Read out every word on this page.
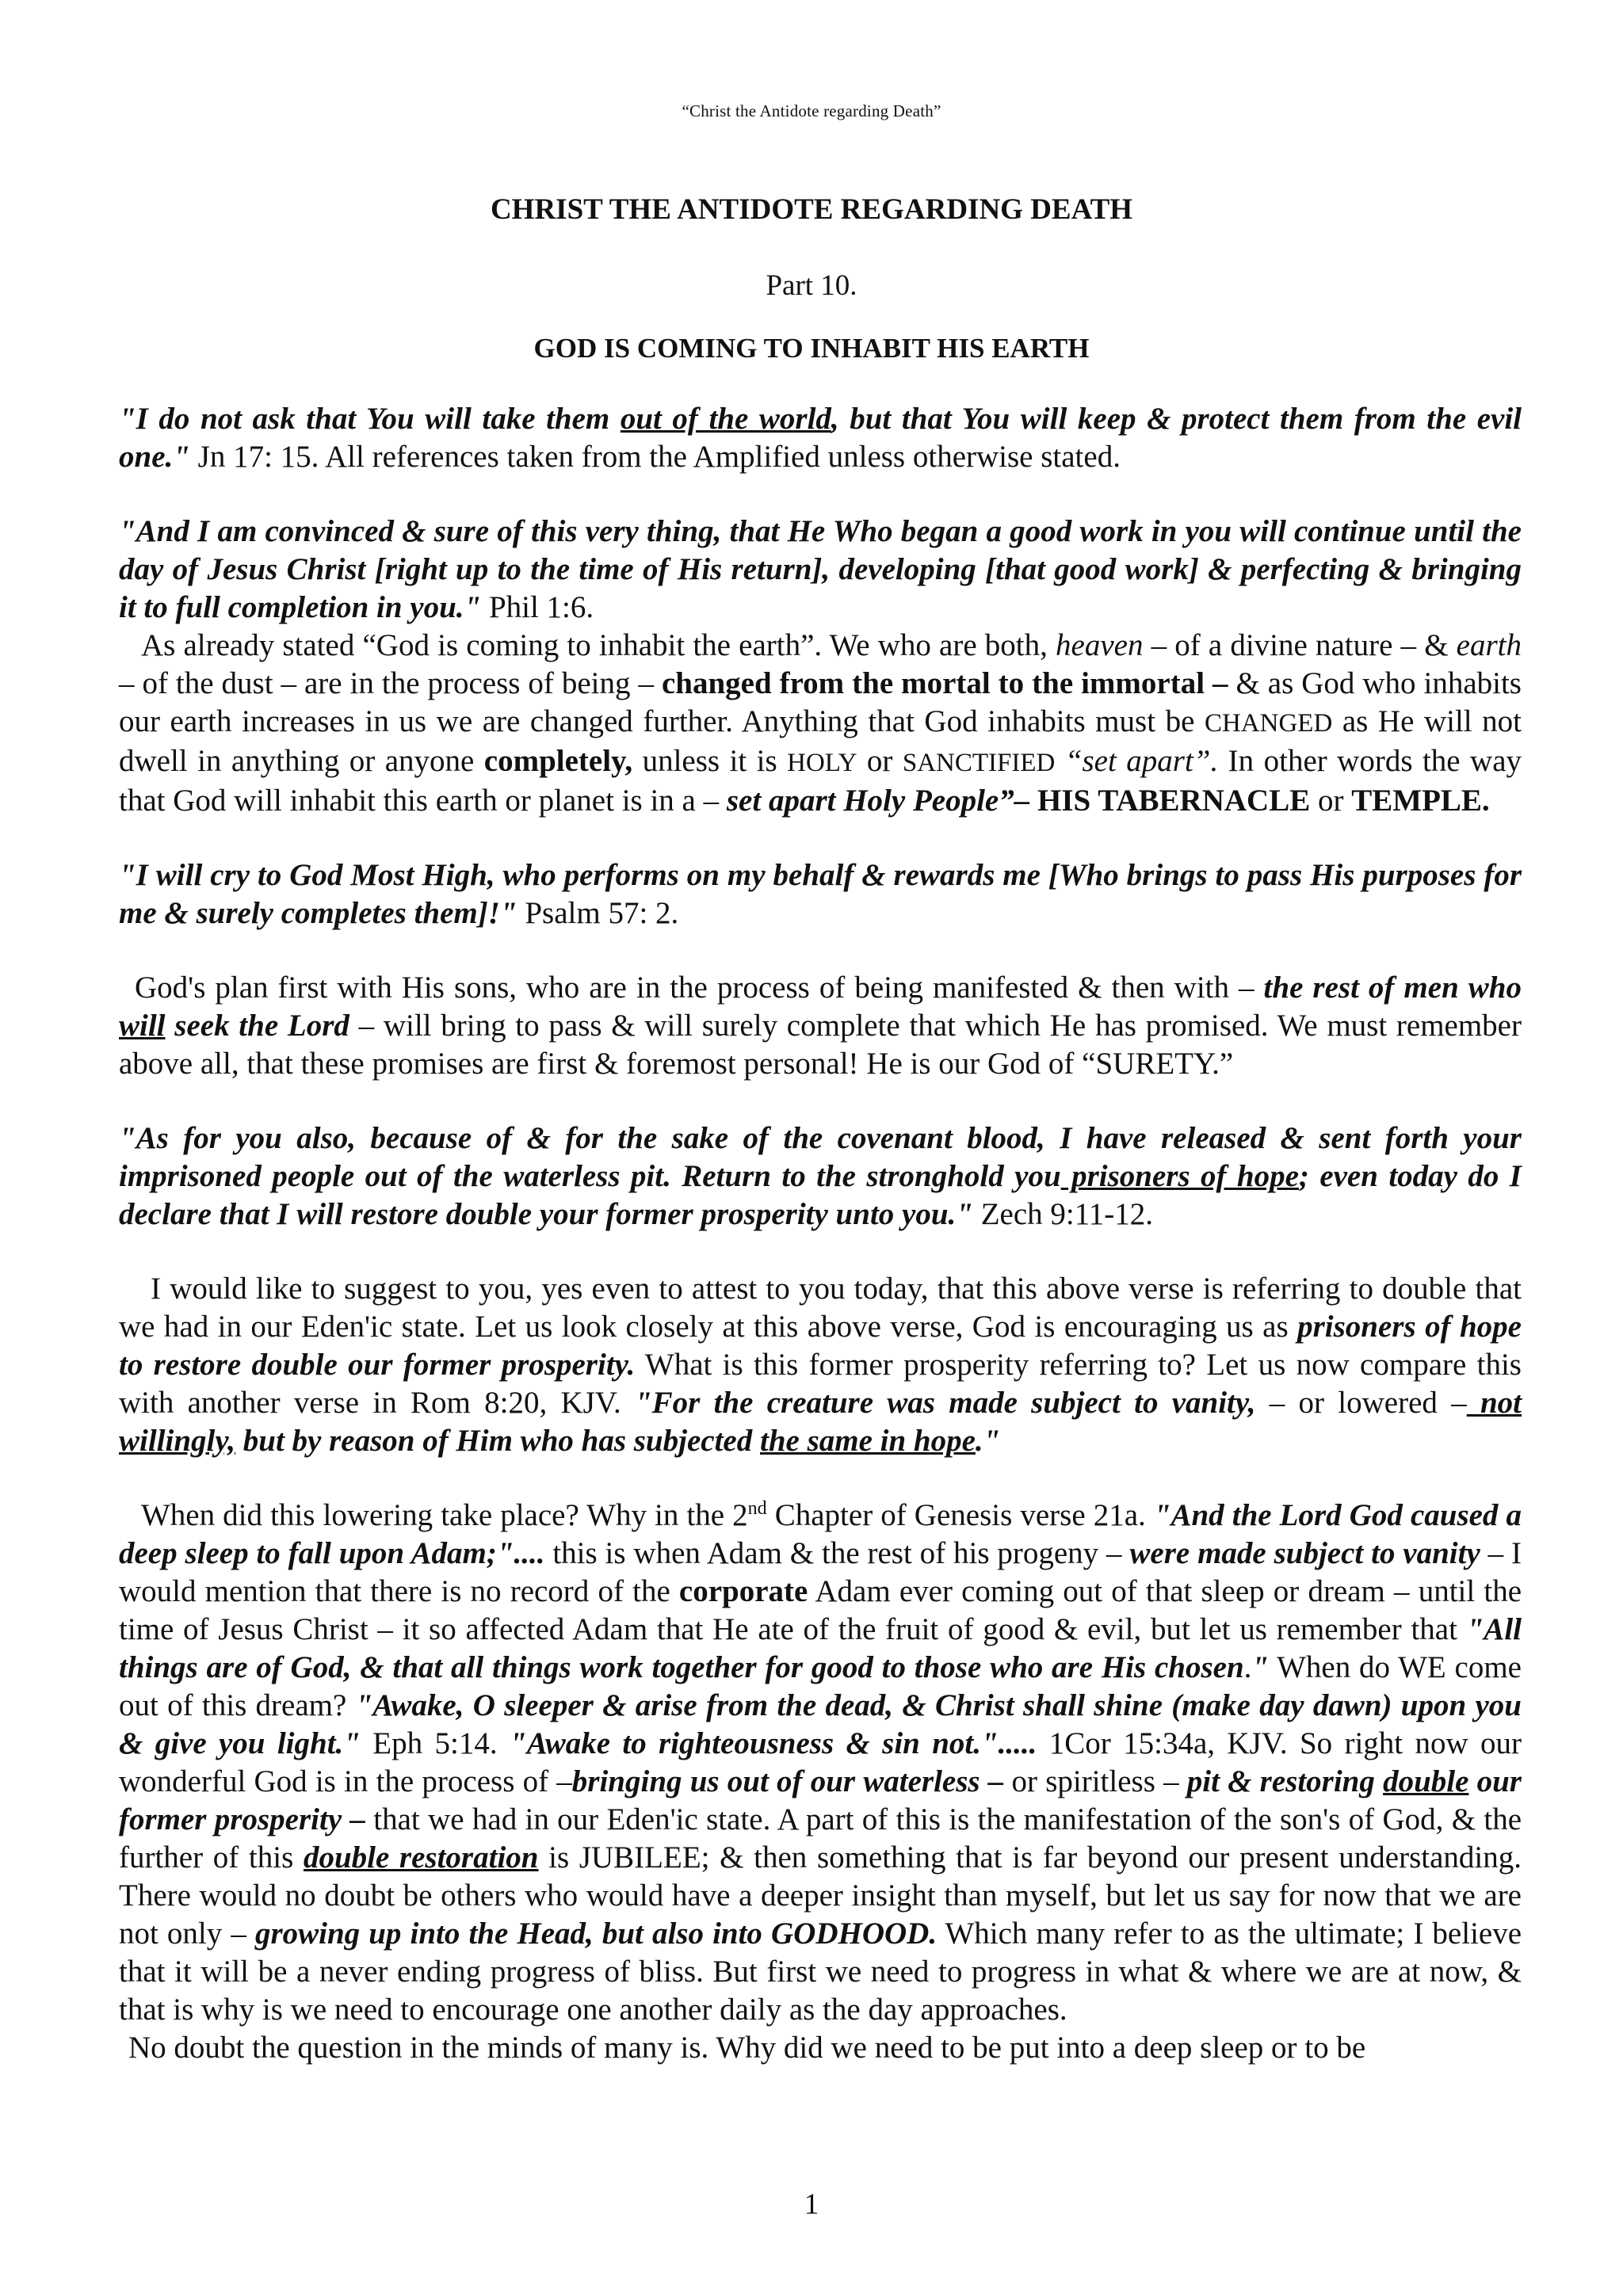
“Christ the Antidote regarding Death”
CHRIST THE ANTIDOTE REGARDING DEATH
Part 10.
GOD IS COMING TO INHABIT HIS EARTH

"I do not ask that You will take them out of the world, but that You will keep & protect them from the evil one." Jn 17: 15. All references taken from the Amplified unless otherwise stated.

"And I am convinced & sure of this very thing, that He Who began a good work in you will continue until the day of Jesus Christ [right up to the time of His return], developing [that good work] & perfecting & bringing it to full completion in you." Phil 1:6.

As already stated “God is coming to inhabit the earth”. We who are both, heaven – of a divine nature – & earth – of the dust – are in the process of being – changed from the mortal to the immortal – & as God who inhabits our earth increases in us we are changed further. Anything that God inhabits must be CHANGED as He will not dwell in anything or anyone completely, unless it is HOLY or SANCTIFIED “set apart”. In other words the way that God will inhabit this earth or planet is in a – set apart Holy People”– HIS TABERNACLE or TEMPLE.

"I will cry to God Most High, who performs on my behalf & rewards me [Who brings to pass His purposes for me & surely completes them]!" Psalm 57: 2.

God's plan first with His sons, who are in the process of being manifested & then with – the rest of men who will seek the Lord – will bring to pass & will surely complete that which He has promised. We must remember above all, that these promises are first & foremost personal! He is our God of “SURETY.”

"As for you also, because of & for the sake of the covenant blood, I have released & sent forth your imprisoned people out of the waterless pit. Return to the stronghold you prisoners of hope; even today do I declare that I will restore double your former prosperity unto you." Zech 9:11-12.

I would like to suggest to you, yes even to attest to you today, that this above verse is referring to double that we had in our Eden'ic state. Let us look closely at this above verse, God is encouraging us as prisoners of hope to restore double our former prosperity. What is this former prosperity referring to? Let us now compare this with another verse in Rom 8:20, KJV. "For the creature was made subject to vanity, – or lowered – not willingly, but by reason of Him who has subjected the same in hope."

When did this lowering take place? Why in the 2nd Chapter of Genesis verse 21a. "And the Lord God caused a deep sleep to fall upon Adam;".... this is when Adam & the rest of his progeny – were made subject to vanity – I would mention that there is no record of the corporate Adam ever coming out of that sleep or dream – until the time of Jesus Christ – it so affected Adam that He ate of the fruit of good & evil, but let us remember that "All things are of God, & that all things work together for good to those who are His chosen." When do WE come out of this dream? "Awake, O sleeper & arise from the dead, & Christ shall shine (make day dawn) upon you & give you light." Eph 5:14. "Awake to righteousness & sin not."..... 1Cor 15:34a, KJV. So right now our wonderful God is in the process of –bringing us out of our waterless – or spiritless – pit & restoring double our former prosperity – that we had in our Eden'ic state. A part of this is the manifestation of the son's of God, & the further of this double restoration is JUBILEE; & then something that is far beyond our present understanding. There would no doubt be others who would have a deeper insight than myself, but let us say for now that we are not only – growing up into the Head, but also into GODHOOD. Which many refer to as the ultimate; I believe that it will be a never ending progress of bliss. But first we need to progress in what & where we are at now, & that is why is we need to encourage one another daily as the day approaches.

No doubt the question in the minds of many is. Why did we need to be put into a deep sleep or to be

1
